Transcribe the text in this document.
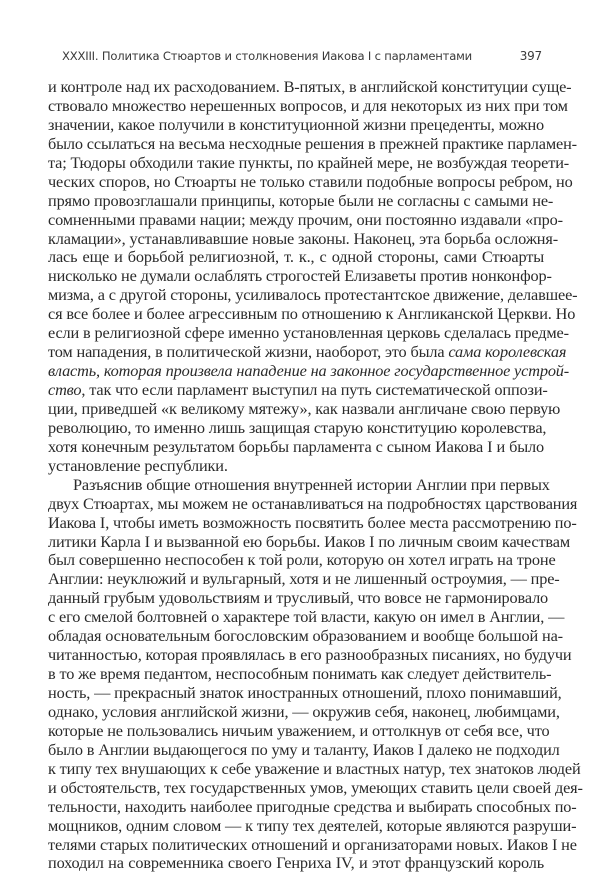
XXXIII. Политика Стюартов и столкновения Иакова I с парламентами	397
и контроле над их расходованием. В-пятых, в английской конституции суще-
ствовало множество нерешенных вопросов, и для некоторых из них при том
значении, какое получили в конституционной жизни прецеденты, можно
было ссылаться на весьма несходные решения в прежней практике парламен-
та; Тюдоры обходили такие пункты, по крайней мере, не возбуждая теорети-
ческих споров, но Стюарты не только ставили подобные вопросы ребром, но
прямо провозглашали принципы, которые были не согласны с самыми не-
сомненными правами нации; между прочим, они постоянно издавали «про-
кламации», устанавливавшие новые законы. Наконец, эта борьба осложня-
лась еще и борьбой религиозной, т. к., с одной стороны, сами Стюарты
нисколько не думали ослаблять строгостей Елизаветы против нонконфор-
мизма, а с другой стороны, усиливалось протестантское движение, делавшее-
ся все более и более агрессивным по отношению к Англиканской Церкви. Но
если в религиозной сфере именно установленная церковь сделалась предме-
том нападения, в политической жизни, наоборот, это была сама королевская
власть, которая произвела нападение на законное государственное устрой-
ство, так что если парламент выступил на путь систематической оппози-
ции, приведшей «к великому мятежу», как назвали англичане свою первую
революцию, то именно лишь защищая старую конституцию королевства,
хотя конечным результатом борьбы парламента с сыном Иакова I и было
установление республики.
Разъяснив общие отношения внутренней истории Англии при первых
двух Стюартах, мы можем не останавливаться на подробностях царствования
Иакова I, чтобы иметь возможность посвятить более места рассмотрению по-
литики Карла I и вызванной ею борьбы. Иаков I по личным своим качествам
был совершенно неспособен к той роли, которую он хотел играть на троне
Англии: неуклюжий и вульгарный, хотя и не лишенный остроумия, — пре-
данный грубым удовольствиям и трусливый, что вовсе не гармонировало
с его смелой болтовней о характере той власти, какую он имел в Англии, —
обладая основательным богословским образованием и вообще большой на-
читанностью, которая проявлялась в его разнообразных писаниях, но будучи
в то же время педантом, неспособным понимать как следует действитель-
ность, — прекрасный знаток иностранных отношений, плохо понимавший,
однако, условия английской жизни, — окружив себя, наконец, любимцами,
которые не пользовались ничьим уважением, и оттолкнув от себя все, что
было в Англии выдающегося по уму и таланту, Иаков I далеко не подходил
к типу тех внушающих к себе уважение и властных натур, тех знатоков людей
и обстоятельств, тех государственных умов, умеющих ставить цели своей дея-
тельности, находить наиболее пригодные средства и выбирать способных по-
мощников, одним словом — к типу тех деятелей, которые являются разруши-
телями старых политических отношений и организаторами новых. Иаков I не
походил на современника своего Генриха IV, и этот французский король
